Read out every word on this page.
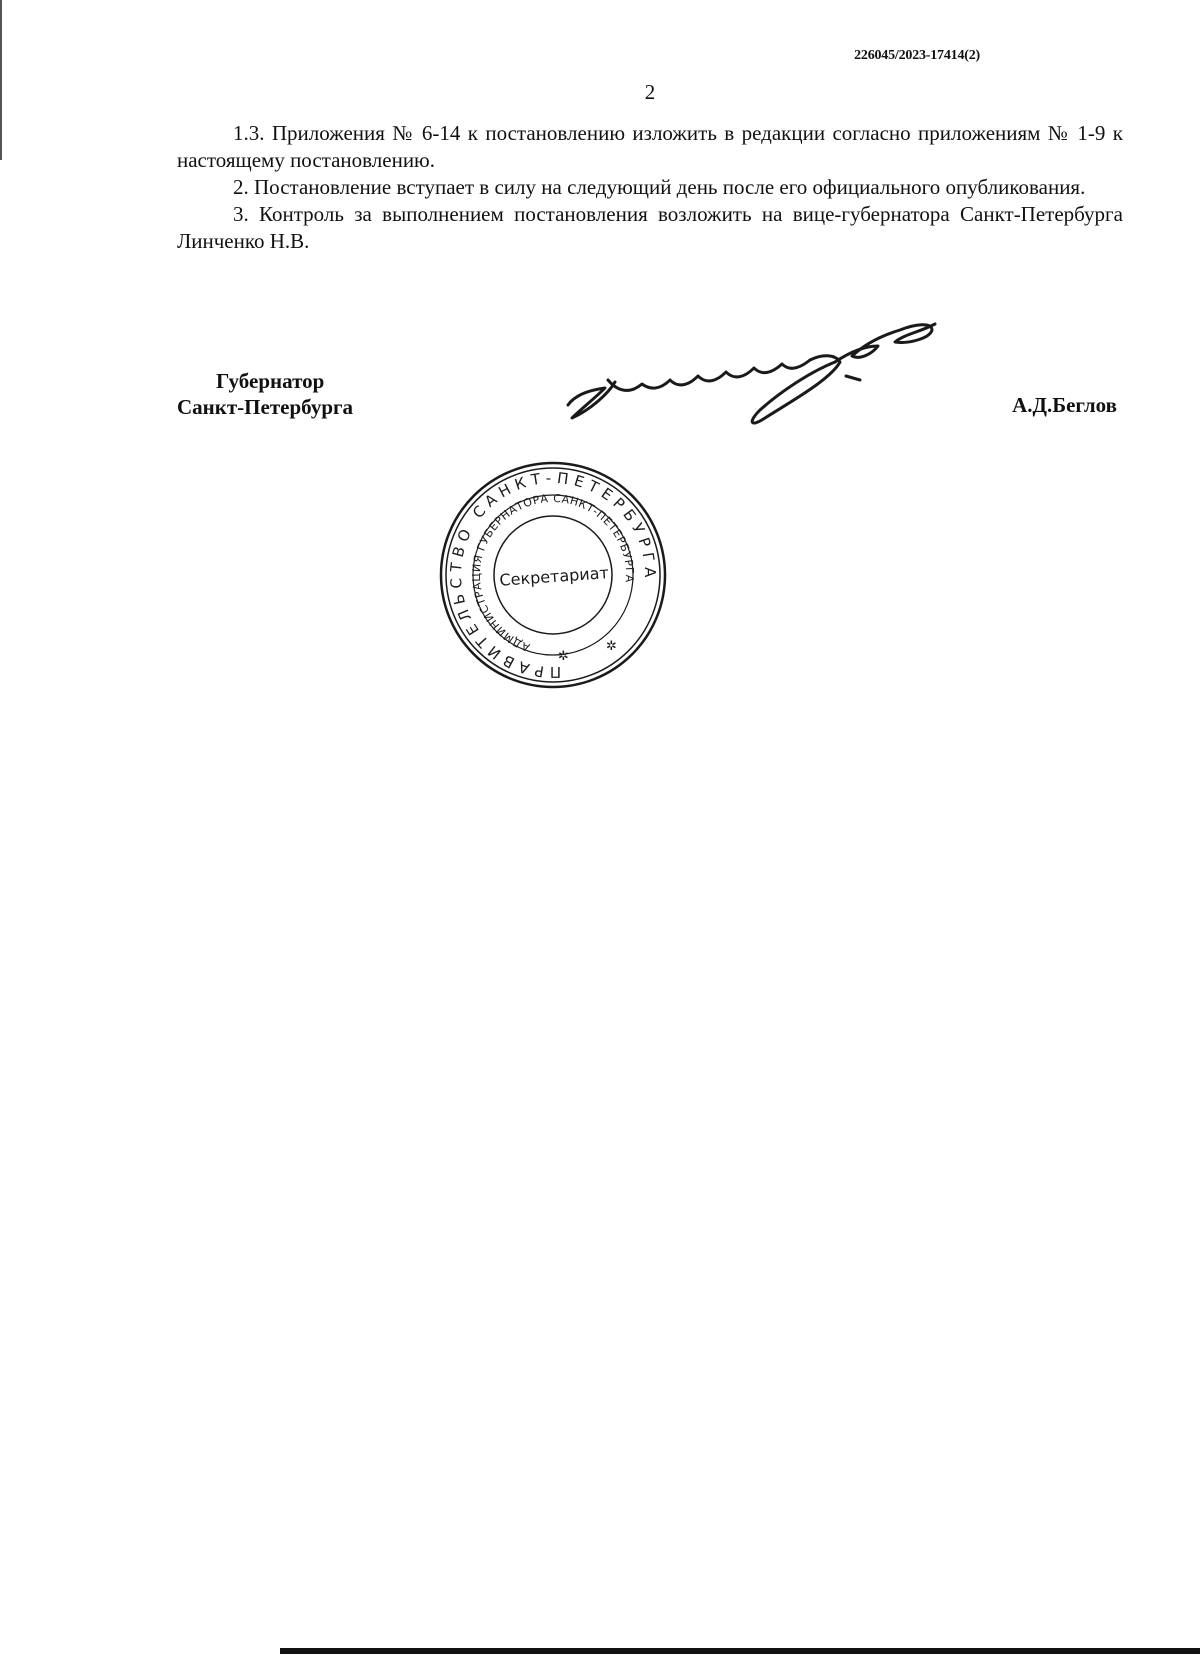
226045/2023-17414(2)
2

1.3. Приложения № 6-14 к постановлению изложить в редакции согласно приложениям № 1-9 к настоящему постановлению.

2. Постановление вступает в силу на следующий день после его официального опубликования.

3. Контроль за выполнением постановления возложить на вице-губернатора Санкт-Петербурга Линченко Н.В.

Губернатор
Санкт-Петербурга	А.Д.Беглов
ПРАВИТЕЛЬСТВО САНКТ-ПЕТЕРБУРГА
АДМИНИСТРАЦИЯ ГУБЕРНАТОРА САНКТ-ПЕТЕРБУРГА
✲
✲
Секретариат
